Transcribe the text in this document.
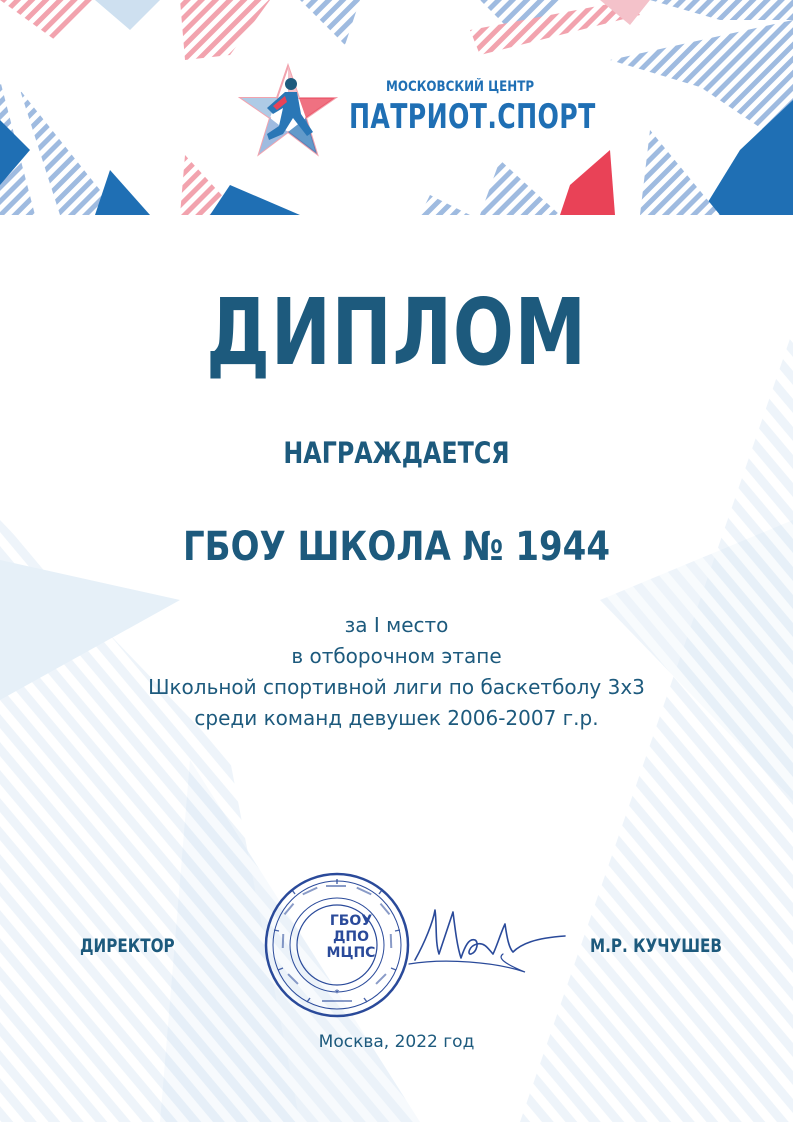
МОСКОВСКИЙ ЦЕНТР
ПАТРИОТ.СПОРТ
ДИПЛОМ
НАГРАЖДАЕТСЯ
ГБОУ ШКОЛА № 1944
за I место
в отборочном этапе
Школьной спортивной лиги по баскетболу 3х3
среди команд девушек 2006-2007 г.р.
ДИРЕКТОР	М.Р. КУЧУШЕВ
*
ГБОУ
ДПО
МЦПС
Москва, 2022 год
